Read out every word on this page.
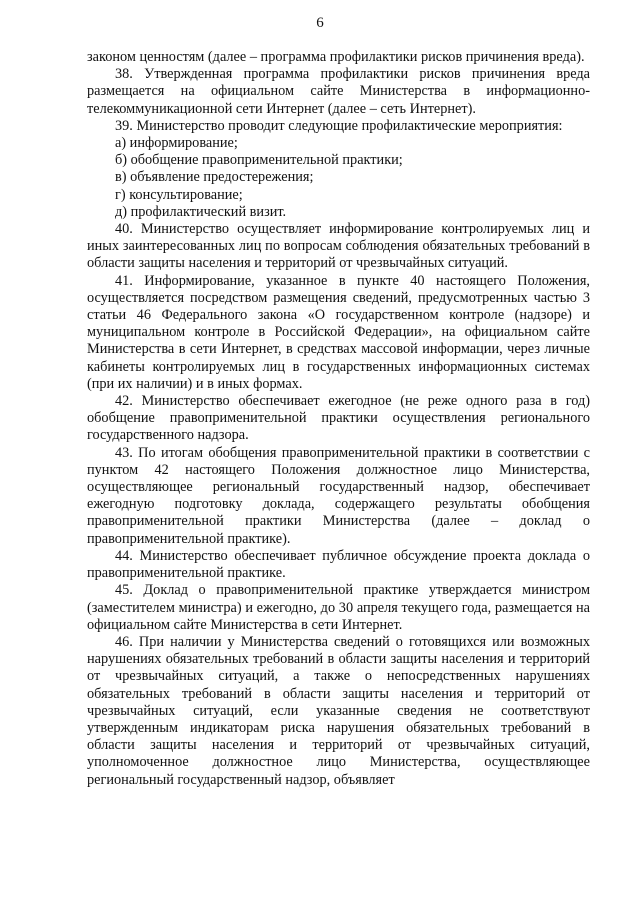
6

законом ценностям (далее – программа профилактики рисков причинения вреда).

38. Утвержденная программа профилактики рисков причинения вреда размещается на официальном сайте Министерства в информационно-телекоммуникационной сети Интернет (далее – сеть Интернет).

39. Министерство проводит следующие профилактические мероприятия:

а) информирование;

б) обобщение правоприменительной практики;

в) объявление предостережения;

г) консультирование;

д) профилактический визит.

40. Министерство осуществляет информирование контролируемых лиц и иных заинтересованных лиц по вопросам соблюдения обязательных требований в области защиты населения и территорий от чрезвычайных ситуаций.

41. Информирование, указанное в пункте 40 настоящего Положения, осуществляется посредством размещения сведений, предусмотренных частью 3 статьи 46 Федерального закона «О государственном контроле (надзоре) и муниципальном контроле в Российской Федерации», на официальном сайте Министерства в сети Интернет, в средствах массовой информации, через личные кабинеты контролируемых лиц в государственных информационных системах (при их наличии) и в иных формах.

42. Министерство обеспечивает ежегодное (не реже одного раза в год) обобщение правоприменительной практики осуществления регионального государственного надзора.

43. По итогам обобщения правоприменительной практики в соответствии с пунктом 42 настоящего Положения должностное лицо Министерства, осуществляющее региональный государственный надзор, обеспечивает ежегодную подготовку доклада, содержащего результаты обобщения правоприменительной практики Министерства (далее – доклад о правоприменительной практике).

44. Министерство обеспечивает публичное обсуждение проекта доклада о правоприменительной практике.

45. Доклад о правоприменительной практике утверждается министром (заместителем министра) и ежегодно, до 30 апреля текущего года, размещается на официальном сайте Министерства в сети Интернет.

46. При наличии у Министерства сведений о готовящихся или возможных нарушениях обязательных требований в области защиты населения и территорий от чрезвычайных ситуаций, а также о непосредственных нарушениях обязательных требований в области защиты населения и территорий от чрезвычайных ситуаций, если указанные сведения не соответствуют утвержденным индикаторам риска нарушения обязательных требований в области защиты населения и территорий от чрезвычайных ситуаций, уполномоченное должностное лицо Министерства, осуществляющее региональный государственный надзор, объявляет
